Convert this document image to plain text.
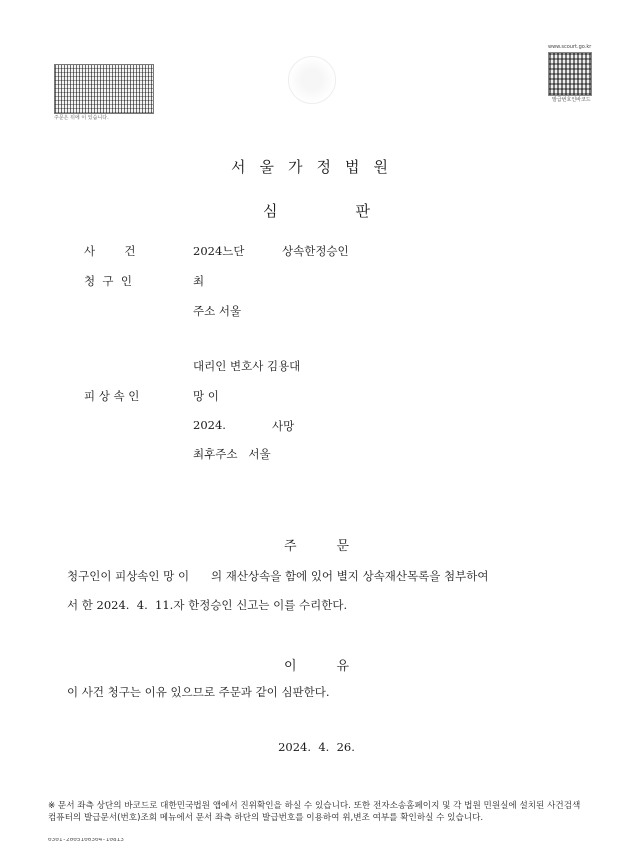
주문은 뒤에 이 있습니다.
www.scourt.go.kr
발급번호인바코드
서울가정법원
심	판
사        건	2024느단	상속한정승인
청  구  인	최
주소 서울
대리인 변호사 김용대
피 상 속 인	망 이
2024.	사망
최후주소   서울
주	문
청구인이 피상속인 망 이      의 재산상속을 함에 있어 별지 상속재산목록을 첨부하여
서 한 2024.  4.  11.자 한정승인 신고는 이를 수리한다.
이	유
이 사건 청구는 이유 있으므로 주문과 같이 심판한다.
2024.  4.  26.
※ 문서 좌측 상단의 바코드로 대한민국법원 앱에서 진위확인을 하실 수 있습니다. 또한 전자소송홈페이지 및 각 법원 민원실에 설치된 사건검색 컴퓨터의 발급문서(번호)조회 메뉴에서 문서 좌측 하단의 발급번호를 이용하여 위,변조 여부를 확인하실 수 있습니다.
0301-2005100304-10813
